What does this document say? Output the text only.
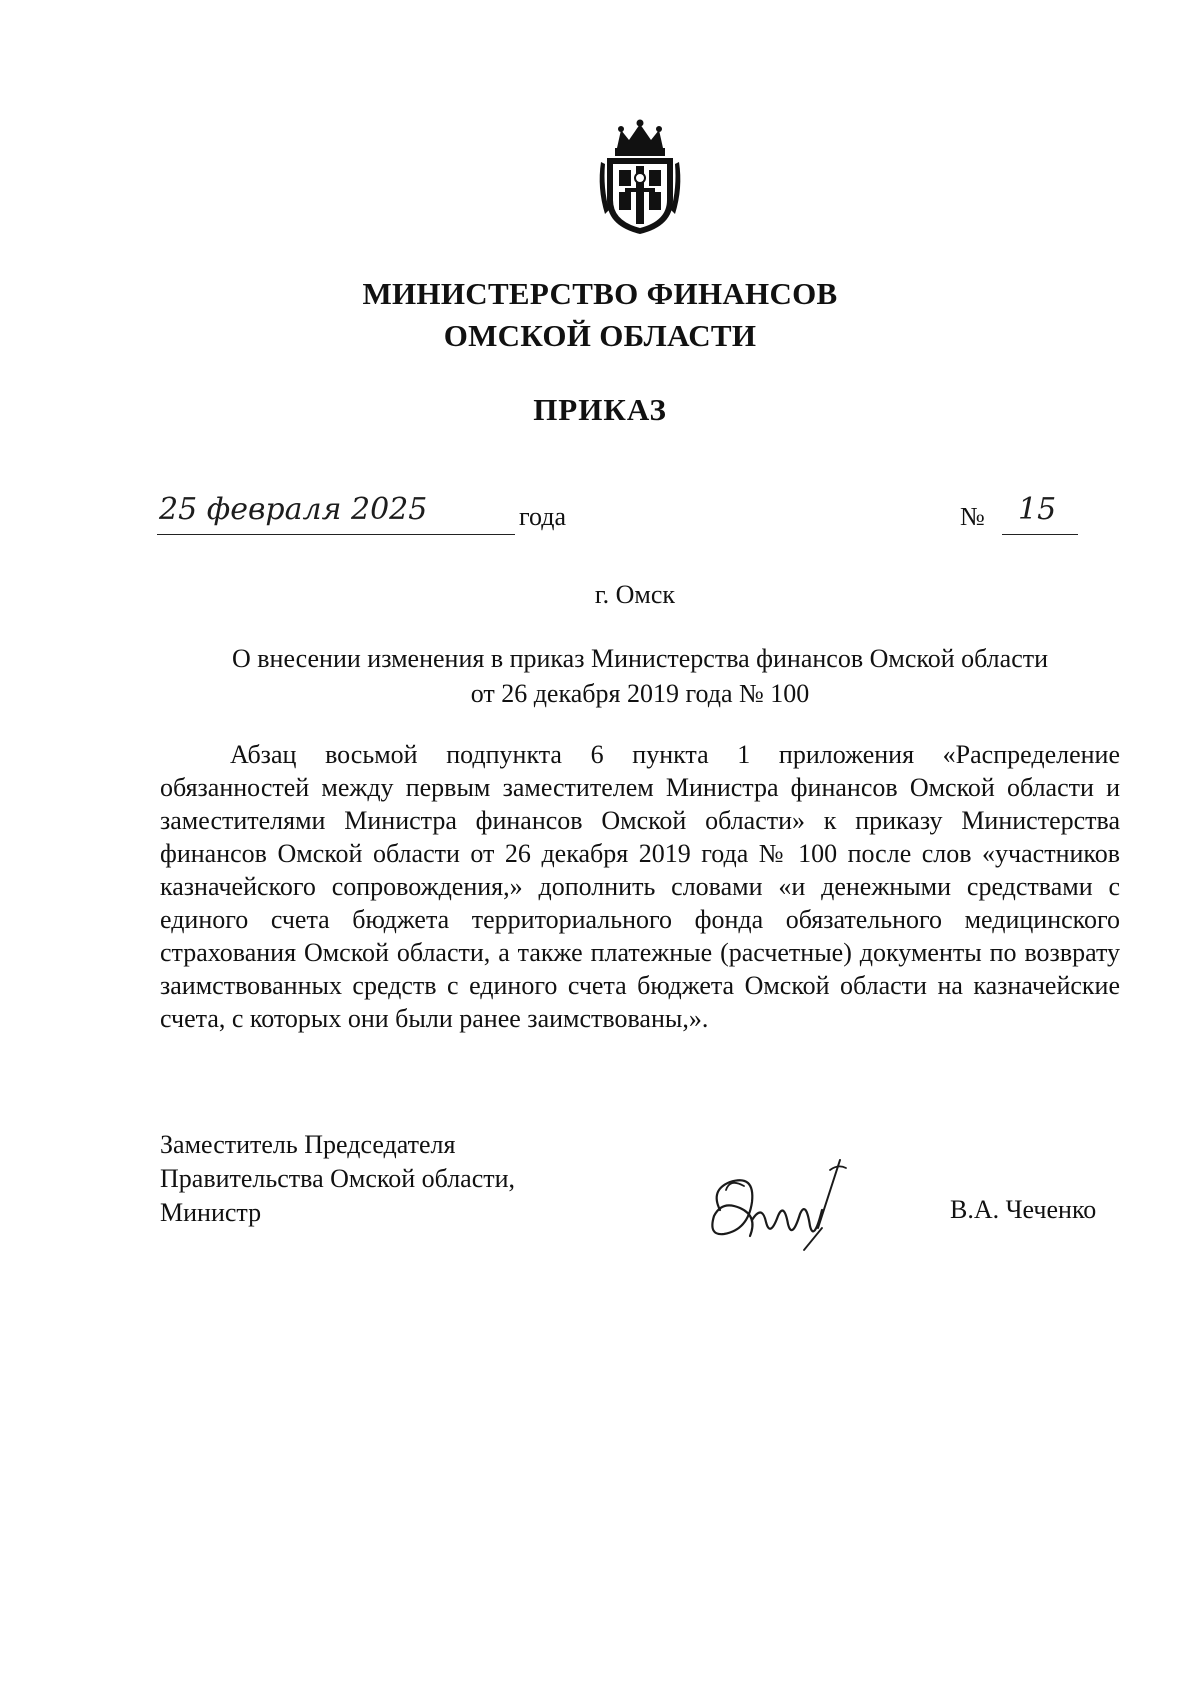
МИНИСТЕРСТВО ФИНАНСОВ
ОМСКОЙ ОБЛАСТИ
ПРИКАЗ
25 февраля 2025	года	№ 15
г. Омск
О внесении изменения в приказ Министерства финансов Омской области
от 26 декабря 2019 года № 100

Абзац восьмой подпункта 6 пункта 1 приложения «Распределение обязанностей между первым заместителем Министра финансов Омской области и заместителями Министра финансов Омской области» к приказу Министерства финансов Омской области от 26 декабря 2019 года № 100 после слов «участников казначейского сопровождения,» дополнить словами «и денежными средствами с единого счета бюджета территориального фонда обязательного медицинского страхования Омской области, а также платежные (расчетные) документы по возврату заимствованных средств с единого счета бюджета Омской области на казначейские счета, с которых они были ранее заимствованы,».

Заместитель Председателя
Правительства Омской области,
Министр	В.А. Чеченко
